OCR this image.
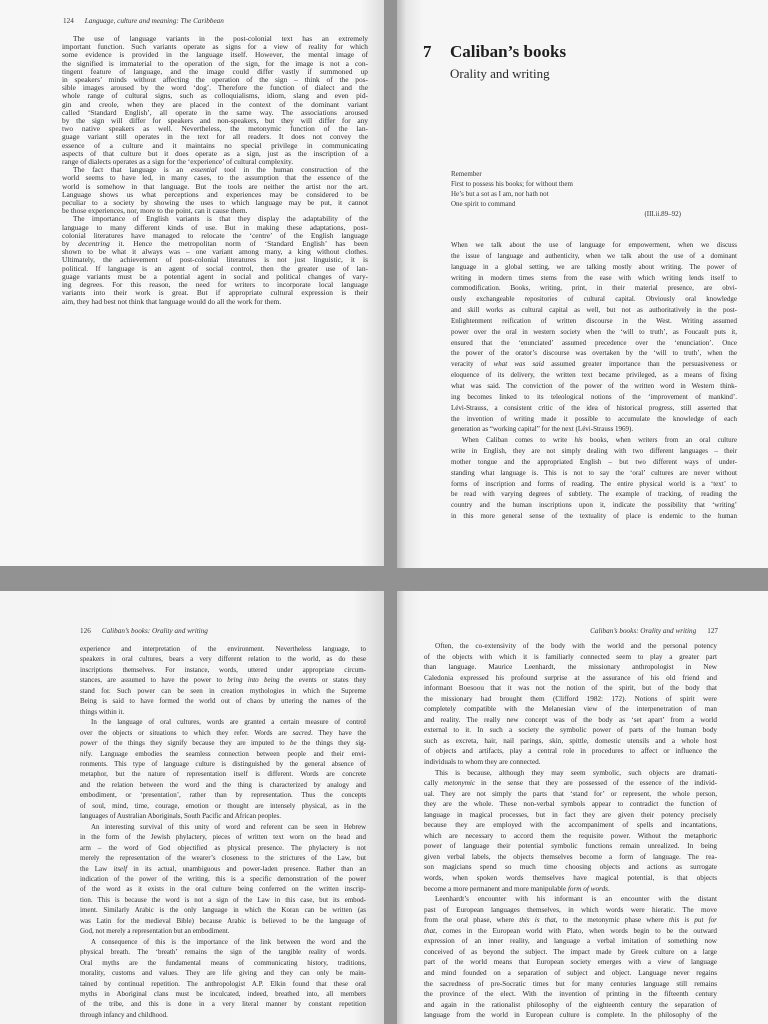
124 Language, culture and meaning: The Caribbean
The use of language variants in the post-colonial text has an extremely
important function. Such variants operate as signs for a view of reality for which
some evidence is provided in the language itself. However, the mental image of
the signified is immaterial to the operation of the sign, for the image is not a con-
tingent feature of language, and the image could differ vastly if summoned up
in speakers’ minds without affecting the operation of the sign – think of the pos-
sible images aroused by the word ‘dog’. Therefore the function of dialect and the
whole range of cultural signs, such as colloquialisms, idiom, slang and even pid-
gin and creole, when they are placed in the context of the dominant variant
called ‘Standard English’, all operate in the same way. The associations aroused
by the sign will differ for speakers and non-speakers, but they will differ for any
two native speakers as well. Nevertheless, the metonymic function of the lan-
guage variant still operates in the text for all readers. It does not convey the
essence of a culture and it maintains no special privilege in communicating
aspects of that culture but it does operate as a sign, just as the inscription of a
range of dialects operates as a sign for the ‘experience’ of cultural complexity.
The fact that language is an essential tool in the human construction of the
world seems to have led, in many cases, to the assumption that the essence of the
world is somehow in that language. But the tools are neither the artist nor the art.
Language shows us what perceptions and experiences may be considered to be
peculiar to a society by showing the uses to which language may be put, it cannot
be those experiences, nor, more to the point, can it cause them.
The importance of English variants is that they display the adaptability of the
language to many different kinds of use. But in making these adaptations, post-
colonial literatures have managed to relocate the ‘centre’ of the English language
by decentring it. Hence the metropolitan norm of ‘Standard English’ has been
shown to be what it always was – one variant among many, a king without clothes.
Ultimately, the achievement of post-colonial literatures is not just linguistic, it is
political. If language is an agent of social control, then the greater use of lan-
guage variants must be a potential agent in social and political changes of vary-
ing degrees. For this reason, the need for writers to incorporate local language
variants into their work is great. But if appropriate cultural expression is their
aim, they had best not think that language would do all the work for them.
7 Caliban’s books
Orality and writing
Remember
First to possess his books; for without them
He’s but a sot as I am, nor hath not
One spirit to command
(III.ii.89–92)
When we talk about the use of language for empowerment, when we discuss
the issue of language and authenticity, when we talk about the use of a dominant
language in a global setting, we are talking mostly about writing. The power of
writing in modern times stems from the ease with which writing lends itself to
commodification. Books, writing, print, in their material presence, are obvi-
ously exchangeable repositories of cultural capital. Obviously oral knowledge
and skill works as cultural capital as well, but not as authoritatively in the post-
Enlightenment reification of written discourse in the West. Writing assumed
power over the oral in western society when the ‘will to truth’, as Foucault puts it,
ensured that the ‘enunciated’ assumed precedence over the ‘enunciation’. Once
the power of the orator’s discourse was overtaken by the ‘will to truth’, when the
veracity of what was said assumed greater importance than the persuasiveness or
eloquence of its delivery, the written text became privileged, as a means of fixing
what was said. The conviction of the power of the written word in Western think-
ing becomes linked to its teleological notions of the ‘improvement of mankind’.
Lévi-Strauss, a consistent critic of the idea of historical progress, still asserted that
the invention of writing made it possible to accumulate the knowledge of each
generation as “working capital” for the next (Lévi-Strauss 1969).
When Caliban comes to write his books, when writers from an oral culture
write in English, they are not simply dealing with two different languages – their
mother tongue and the appropriated English – but two different ways of under-
standing what language is. This is not to say the ‘oral’ cultures are never without
forms of inscription and forms of reading. The entire physical world is a ‘text’ to
be read with varying degrees of subtlety. The example of tracking, of reading the
country and the human inscriptions upon it, indicate the possibility that ‘writing’
in this more general sense of the textuality of place is endemic to the human
126 Caliban’s books: Orality and writing
experience and interpretation of the environment. Nevertheless language, to
speakers in oral cultures, bears a very different relation to the world, as do these
inscriptions themselves. For instance, words, uttered under appropriate circum-
stances, are assumed to have the power to bring into being the events or states they
stand for. Such power can be seen in creation mythologies in which the Supreme
Being is said to have formed the world out of chaos by uttering the names of the
things within it.
In the language of oral cultures, words are granted a certain measure of control
over the objects or situations to which they refer. Words are sacred. They have the
power of the things they signify because they are imputed to be the things they sig-
nify. Language embodies the seamless connection between people and their envi-
ronments. This type of language culture is distinguished by the general absence of
metaphor, but the nature of representation itself is different. Words are concrete
and the relation between the word and the thing is characterized by analogy and
embodiment, or ‘presentation’, rather than by representation. Thus the concepts
of soul, mind, time, courage, emotion or thought are intensely physical, as in the
languages of Australian Aboriginals, South Pacific and African peoples.
An interesting survival of this unity of word and referent can be seen in Hebrew
in the form of the Jewish phylactery, pieces of written text worn on the head and
arm – the word of God objectified as physical presence. The phylactery is not
merely the representation of the wearer’s closeness to the strictures of the Law, but
the Law itself in its actual, unambiguous and power-laden presence. Rather than an
indication of the power of the writing, this is a specific demonstration of the power
of the word as it exists in the oral culture being conferred on the written inscrip-
tion. This is because the word is not a sign of the Law in this case, but its embod-
iment. Similarly Arabic is the only language in which the Koran can be written (as
was Latin for the medieval Bible) because Arabic is believed to be the language of
God, not merely a representation but an embodiment.
A consequence of this is the importance of the link between the word and the
physical breath. The ‘breath’ remains the sign of the tangible reality of words.
Oral myths are the fundamental means of communicating history, traditions,
morality, customs and values. They are life giving and they can only be main-
tained by continual repetition. The anthropologist A.P. Elkin found that these oral
myths in Aboriginal clans must be inculcated, indeed, breathed into, all members
of the tribe, and this is done in a very literal manner by constant repetition
through infancy and childhood.
Caliban’s books: Orality and writing 127
Often, the co-extensivity of the body with the world and the personal potency
of the objects with which it is familiarly connected seem to play a greater part
than language. Maurice Leenhardt, the missionary anthropologist in New
Caledonia expressed his profound surprise at the assurance of his old friend and
informant Boesoou that it was not the notion of the spirit, but of the body that
the missionary had brought them (Clifford 1982: 172). Notions of spirit were
completely compatible with the Melanesian view of the interpenetration of man
and reality. The really new concept was of the body as ‘set apart’ from a world
external to it. In such a society the symbolic power of parts of the human body
such as excreta, hair, nail parings, skin, spittle, domestic utensils and a whole host
of objects and artifacts, play a central role in procedures to affect or influence the
individuals to whom they are connected.
This is because, although they may seem symbolic, such objects are dramati-
cally metonymic in the sense that they are possessed of the essence of the individ-
ual. They are not simply the parts that ‘stand for’ or represent, the whole person,
they are the whole. These non-verbal symbols appear to contradict the function of
language in magical processes, but in fact they are given their potency precisely
because they are employed with the accompaniment of spells and incantations,
which are necessary to accord them the requisite power. Without the metaphoric
power of language their potential symbolic functions remain unrealized. In being
given verbal labels, the objects themselves become a form of language. The rea-
son magicians spend so much time choosing objects and actions as surrogate
words, when spoken words themselves have magical potential, is that objects
become a more permanent and more manipulable form of words.
Leenhardt’s encounter with his informant is an encounter with the distant
past of European languages themselves, in which words were hieratic. The move
from the oral phase, where this is that, to the metonymic phase where this is put for
that, comes in the European world with Plato, when words begin to be the outward
expression of an inner reality, and language a verbal imitation of something now
conceived of as beyond the subject. The impact made by Greek culture on a large
part of the world means that European society emerges with a view of language
and mind founded on a separation of subject and object. Language never regains
the sacredness of pre-Socratic times but for many centuries language still remains
the province of the elect. With the invention of printing in the fifteenth century
and again in the rationalist philosophy of the eighteenth century the separation of
language from the world in European culture is complete. In the philosophy of the
